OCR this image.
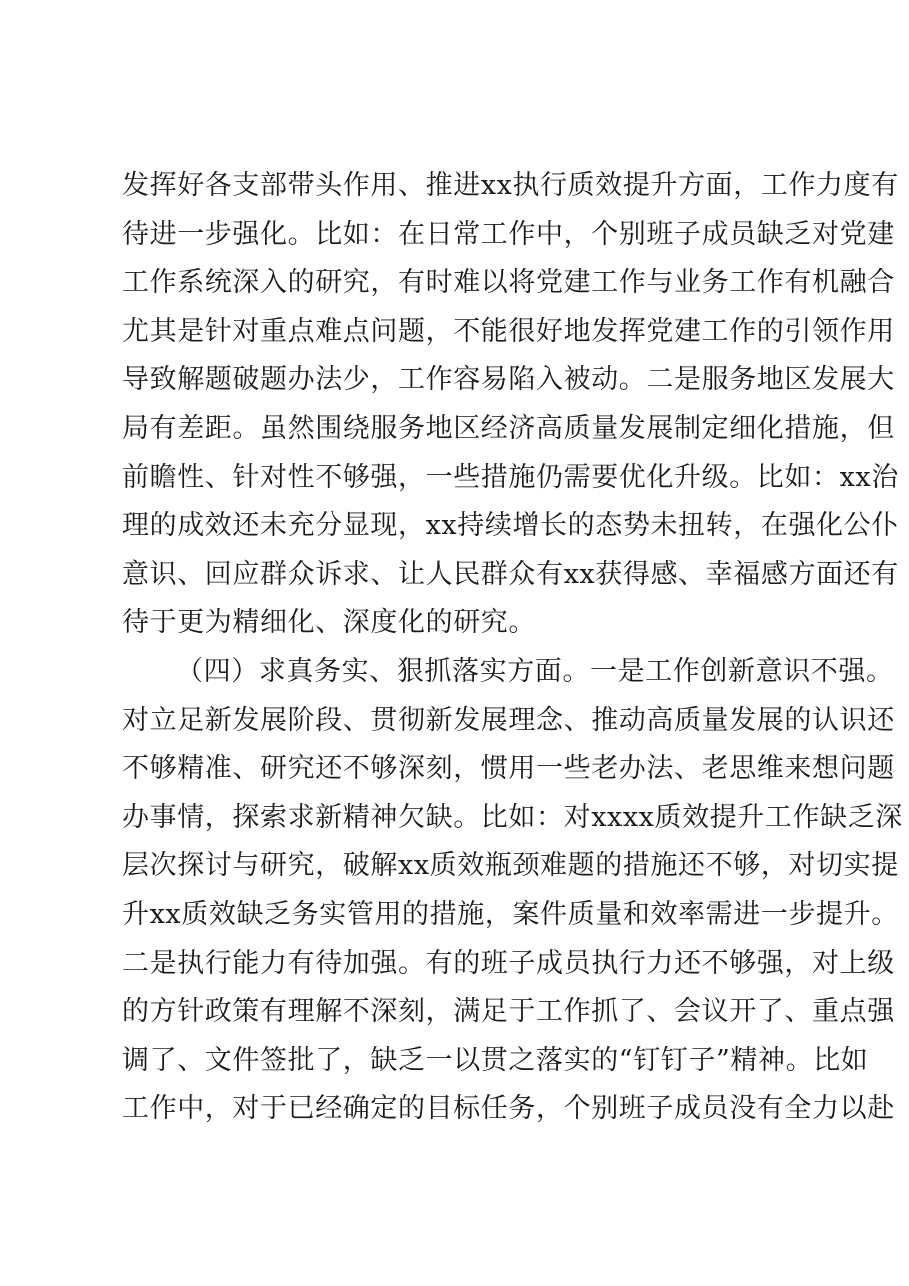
发挥好各支部带头作用、推进xx执行质效提升方面，工作力度有
待进一步强化。比如：在日常工作中，个别班子成员缺乏对党建
工作系统深入的研究，有时难以将党建工作与业务工作有机融合
尤其是针对重点难点问题，不能很好地发挥党建工作的引领作用
导致解题破题办法少，工作容易陷入被动。二是服务地区发展大
局有差距。虽然围绕服务地区经济高质量发展制定细化措施，但
前瞻性、针对性不够强，一些措施仍需要优化升级。比如：xx治
理的成效还未充分显现，xx持续增长的态势未扭转，在强化公仆
意识、回应群众诉求、让人民群众有xx获得感、幸福感方面还有
待于更为精细化、深度化的研究。
（四）求真务实、狠抓落实方面。一是工作创新意识不强。
对立足新发展阶段、贯彻新发展理念、推动高质量发展的认识还
不够精准、研究还不够深刻，惯用一些老办法、老思维来想问题
办事情，探索求新精神欠缺。比如：对xxxx质效提升工作缺乏深
层次探讨与研究，破解xx质效瓶颈难题的措施还不够，对切实提
升xx质效缺乏务实管用的措施，案件质量和效率需进一步提升。
二是执行能力有待加强。有的班子成员执行力还不够强，对上级
的方针政策有理解不深刻，满足于工作抓了、会议开了、重点强
调了、文件签批了，缺乏一以贯之落实的“钉钉子”精神。比如
工作中，对于已经确定的目标任务，个别班子成员没有全力以赴
